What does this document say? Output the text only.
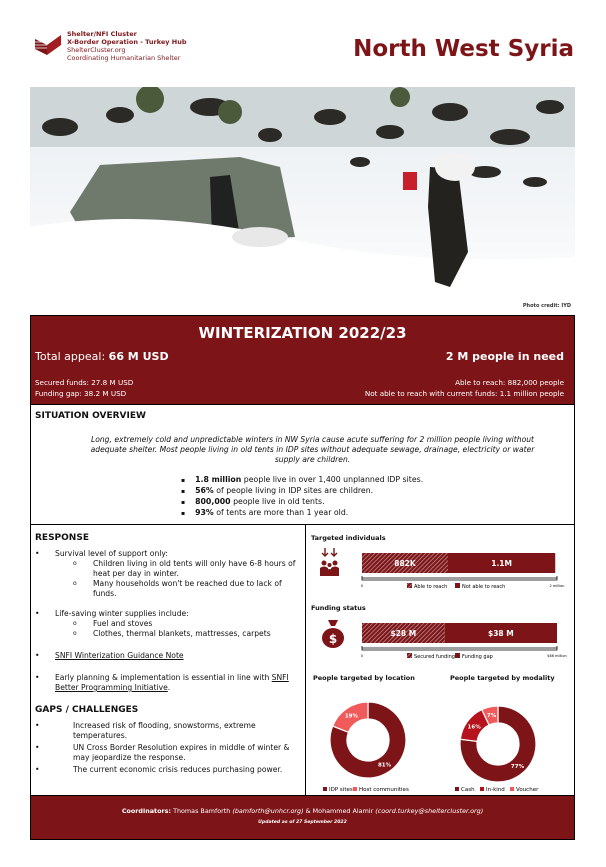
Shelter/NFI Cluster
X-Border Operation - Turkey Hub
ShelterCluster.org
Coordinating Humanitarian Shelter	North West Syria
Photo credit: IYD
WINTERIZATION 2022/23
Total appeal: 66 M USD	2 M people in need
Secured funds: 27.8 M USD
Funding gap: 38.2 M USD
Able to reach: 882,000 people
Not able to reach with current funds: 1.1 million people
SITUATION OVERVIEW

Long, extremely cold and unpredictable winters in NW Syria cause acute suffering for 2 million people living without adequate shelter. Most people living in old tents in IDP sites without adequate sewage, drainage, electricity or water supply are children.

▪ 1.8 million people live in over 1,400 unplanned IDP sites.
▪ 56% of people living in IDP sites are children.
▪ 800,000 people live in old tents.
▪ 93% of tents are more than 1 year old.
RESPONSE
• Survival level of support only:
o Children living in old tents will only have 6-8 hours of heat per day in winter.
o Many households won't be reached due to lack of funds.
• Life-saving winter supplies include:
o Fuel and stoves
o Clothes, thermal blankets, mattresses, carpets
• SNFI Winterization Guidance Note
• Early planning & implementation is essential in line with SNFI Better Programming Initiative.
GAPS / CHALLENGES
• Increased risk of flooding, snowstorms, extreme temperatures.
• UN Cross Border Resolution expires in middle of winter & may jeopardize the response.
• The current economic crisis reduces purchasing power.
Targeted individuals
Funding status
$
882K	1.1M
0	2 million
Able to reach	Not able to reach
$28 M	$38 M
0	$66 million
Secured funding Funding gap
People targeted by location	People targeted by modality
81%
19%
IDP sites Host communities
77%
16%
7%
Cash In-kind Voucher
Coordinators: Thomas Bamforth (bamforth@unhcr.org) & Mohammed Alamir (coord.turkey@sheltercluster.org)
Updated as of 27 September 2022
